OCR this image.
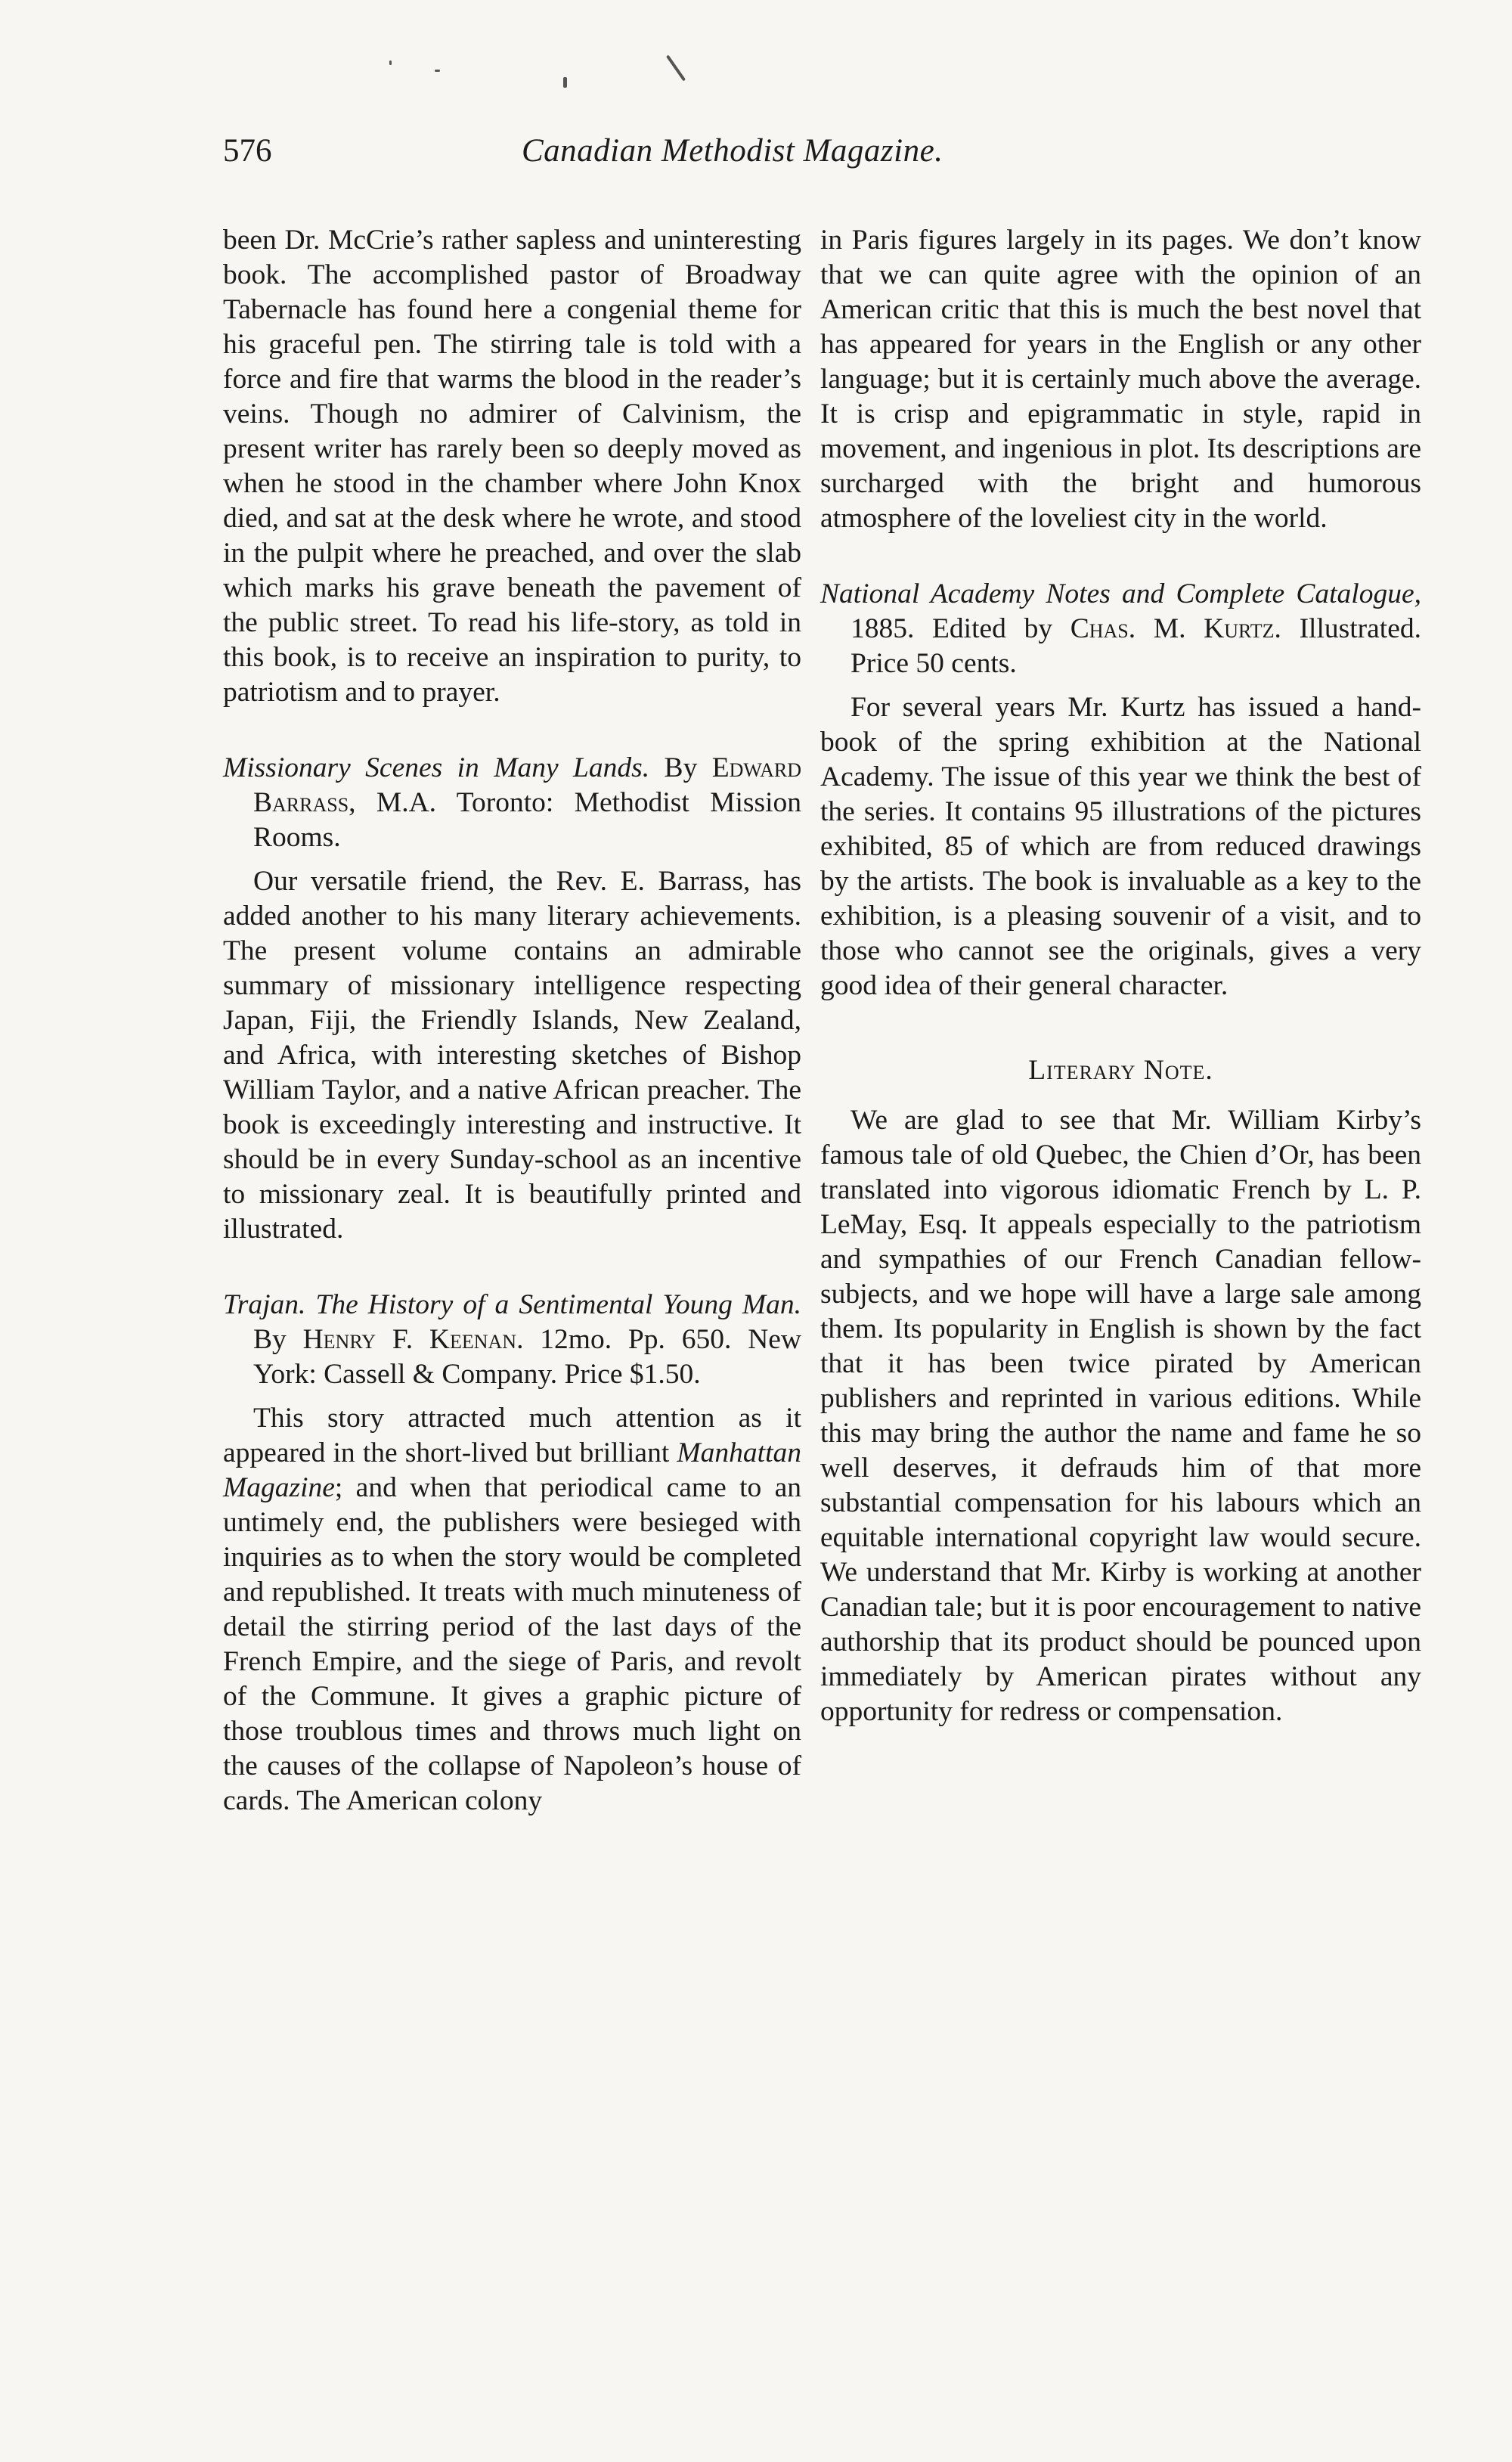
576	Canadian Methodist Magazine.

been Dr. McCrie’s rather sapless and uninteresting book. The accomplished pastor of Broadway Tabernacle has found here a congenial theme for his graceful pen. The stirring tale is told with a force and fire that warms the blood in the reader’s veins. Though no admirer of Calvinism, the present writer has rarely been so deeply moved as when he stood in the chamber where John Knox died, and sat at the desk where he wrote, and stood in the pulpit where he preached, and over the slab which marks his grave beneath the pavement of the public street. To read his life-story, as told in this book, is to receive an inspiration to purity, to patriotism and to prayer.

Missionary Scenes in Many Lands. By Edward Barrass, M.A. Toronto: Methodist Mission Rooms.

Our versatile friend, the Rev. E. Barrass, has added another to his many literary achievements. The present volume contains an admirable summary of missionary intelligence respecting Japan, Fiji, the Friendly Islands, New Zealand, and Africa, with interesting sketches of Bishop William Taylor, and a native African preacher. The book is exceedingly interesting and instructive. It should be in every Sunday-school as an incentive to missionary zeal. It is beautifully printed and illustrated.

Trajan. The History of a Sentimental Young Man. By Henry F. Keenan. 12mo. Pp. 650. New York: Cassell & Company. Price $1.50.

This story attracted much attention as it appeared in the short-lived but brilliant Manhattan Magazine; and when that periodical came to an untimely end, the publishers were besieged with inquiries as to when the story would be completed and republished. It treats with much minuteness of detail the stirring period of the last days of the French Empire, and the siege of Paris, and revolt of the Commune. It gives a graphic picture of those troublous times and throws much light on the causes of the collapse of Napoleon’s house of cards. The American colony

in Paris figures largely in its pages. We don’t know that we can quite agree with the opinion of an American critic that this is much the best novel that has appeared for years in the English or any other language; but it is certainly much above the average. It is crisp and epigrammatic in style, rapid in movement, and ingenious in plot. Its descriptions are surcharged with the bright and humorous atmosphere of the loveliest city in the world.

National Academy Notes and Complete Catalogue, 1885. Edited by Chas. M. Kurtz. Illustrated. Price 50 cents.

For several years Mr. Kurtz has issued a hand-book of the spring exhibition at the National Academy. The issue of this year we think the best of the series. It contains 95 illustrations of the pictures exhibited, 85 of which are from reduced drawings by the artists. The book is invaluable as a key to the exhibition, is a pleasing souvenir of a visit, and to those who cannot see the originals, gives a very good idea of their general character.

Literary Note.

We are glad to see that Mr. William Kirby’s famous tale of old Quebec, the Chien d’Or, has been translated into vigorous idiomatic French by L. P. LeMay, Esq. It appeals especially to the patriotism and sympathies of our French Canadian fellow-subjects, and we hope will have a large sale among them. Its popularity in English is shown by the fact that it has been twice pirated by American publishers and reprinted in various editions. While this may bring the author the name and fame he so well deserves, it defrauds him of that more substantial compensation for his labours which an equitable international copyright law would secure. We understand that Mr. Kirby is working at another Canadian tale; but it is poor encouragement to native authorship that its product should be pounced upon immediately by American pirates without any opportunity for redress or compensation.
